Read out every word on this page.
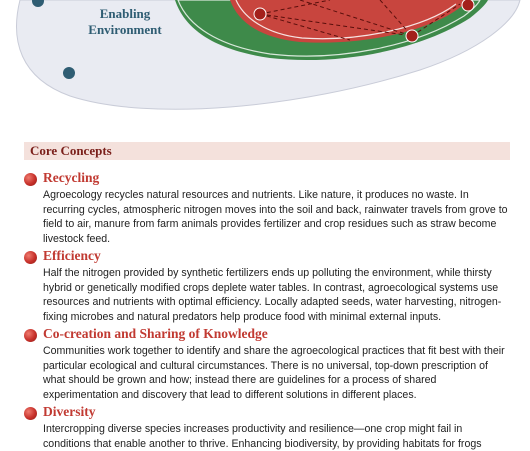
Enabling
Environment
Core Concepts
Recycling
Agroecology recycles natural resources and nutrients. Like nature, it produces no waste. In recurring cycles, atmospheric nitrogen moves into the soil and back, rainwater travels from grove to field to air, manure from farm animals provides fertilizer and crop residues such as straw become livestock feed.
Efficiency
Half the nitrogen provided by synthetic fertilizers ends up polluting the environment, while thirsty hybrid or genetically modified crops deplete water tables. In contrast, agroecological systems use resources and nutrients with optimal efficiency. Locally adapted seeds, water harvesting, nitrogen-fixing microbes and natural predators help produce food with minimal external inputs.
Co-creation and Sharing of Knowledge
Communities work together to identify and share the agroecological practices that fit best with their particular ecological and cultural circumstances. There is no universal, top-down prescription of what should be grown and how; instead there are guidelines for a process of shared experimentation and discovery that lead to different solutions in different places.
Diversity
Intercropping diverse species increases productivity and resilience—one crop might fail in conditions that enable another to thrive. Enhancing biodiversity, by providing habitats for frogs
